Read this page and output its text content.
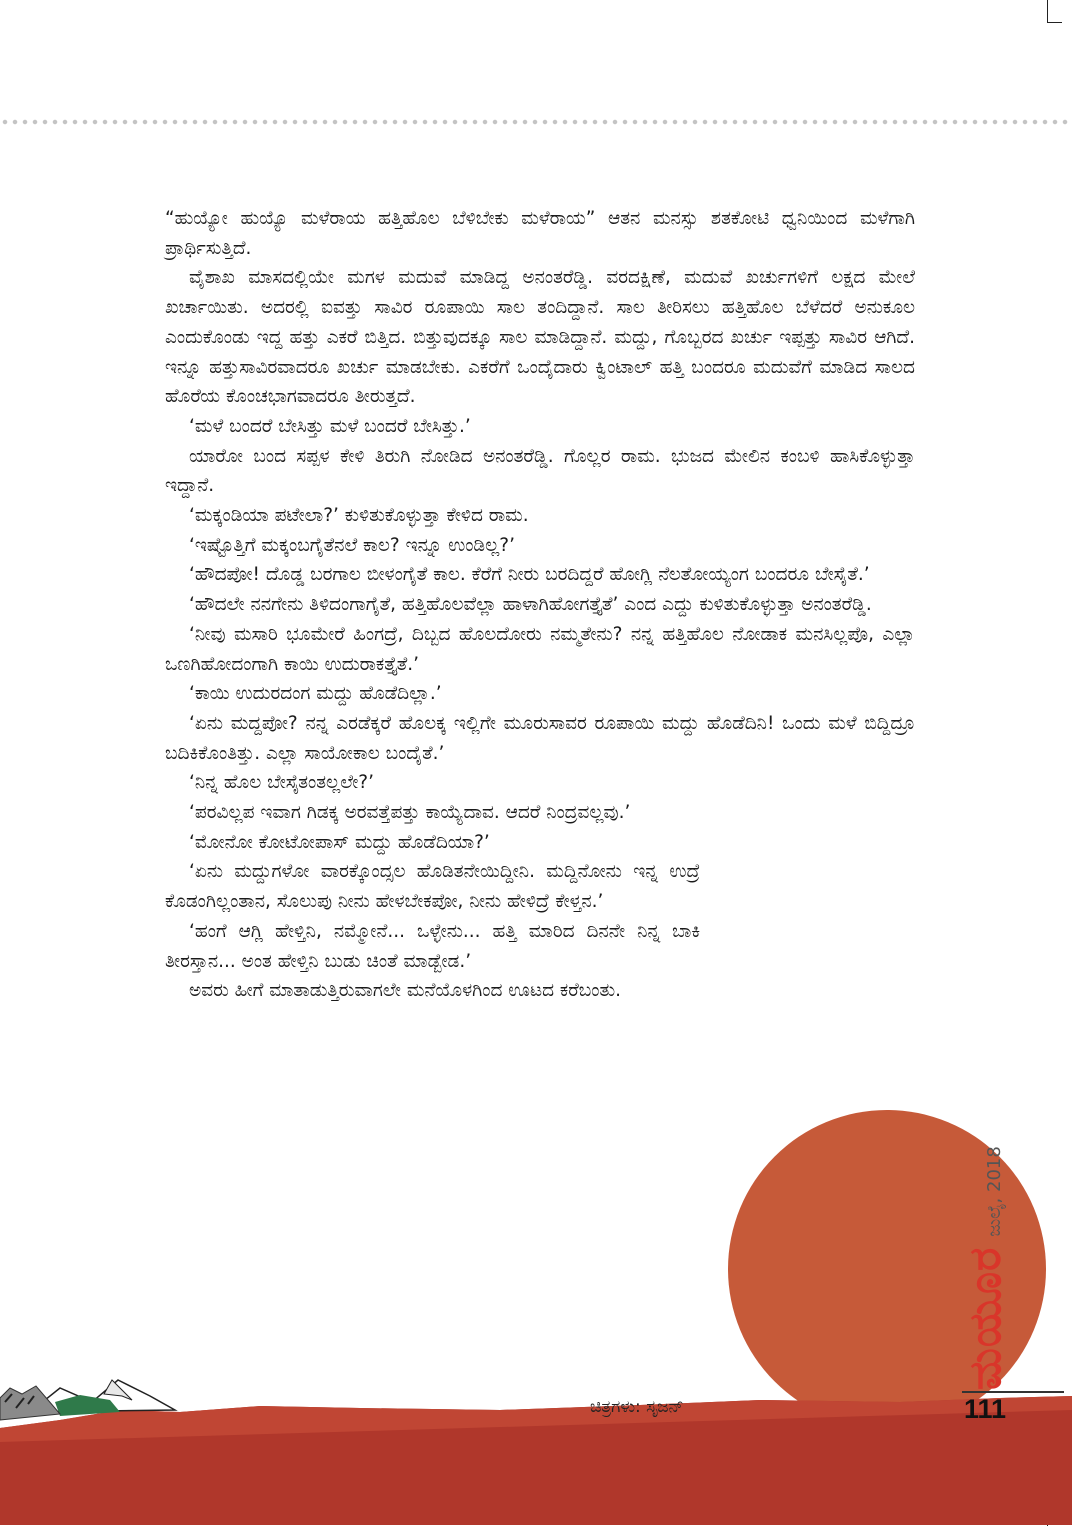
“ಹುಯ್ಯೋ ಹುಯ್ಯೊ ಮಳೆರಾಯ ಹತ್ತಿಹೊಲ ಬೆಳಿಬೇಕು ಮಳೆರಾಯ” ಆತನ ಮನಸ್ಸು ಶತಕೋಟಿ ಧ್ವನಿಯಿಂದ ಮಳೆಗಾಗಿ ಪ್ರಾರ್ಥಿಸುತ್ತಿದೆ.

ವೈಶಾಖ ಮಾಸದಲ್ಲಿಯೇ ಮಗಳ ಮದುವೆ ಮಾಡಿದ್ದ ಅನಂತರೆಡ್ಡಿ. ವರದಕ್ಷಿಣೆ, ಮದುವೆ ಖರ್ಚುಗಳಿಗೆ ಲಕ್ಷದ ಮೇಲೆ ಖರ್ಚಾಯಿತು. ಅದರಲ್ಲಿ ಐವತ್ತು ಸಾವಿರ ರೂಪಾಯಿ ಸಾಲ ತಂದಿದ್ದಾನೆ. ಸಾಲ ತೀರಿಸಲು ಹತ್ತಿಹೊಲ ಬೆಳೆದರೆ ಅನುಕೂಲ ಎಂದುಕೊಂಡು ಇದ್ದ ಹತ್ತು ಎಕರೆ ಬಿತ್ತಿದ. ಬಿತ್ತುವುದಕ್ಕೂ ಸಾಲ ಮಾಡಿದ್ದಾನೆ. ಮದ್ದು, ಗೊಬ್ಬರದ ಖರ್ಚು ಇಪ್ಪತ್ತು ಸಾವಿರ ಆಗಿದೆ. ಇನ್ನೂ ಹತ್ತುಸಾವಿರವಾದರೂ ಖರ್ಚು ಮಾಡಬೇಕು. ಎಕರೆಗೆ ಒಂದೈದಾರು ಕ್ವಿಂಟಾಲ್ ಹತ್ತಿ ಬಂದರೂ ಮದುವೆಗೆ ಮಾಡಿದ ಸಾಲದ ಹೊರೆಯ ಕೊಂಚಭಾಗವಾದರೂ ತೀರುತ್ತದೆ.

‘ಮಳೆ ಬಂದರೆ ಬೇಸಿತ್ತು ಮಳೆ ಬಂದರೆ ಬೇಸಿತ್ತು.’

ಯಾರೋ ಬಂದ ಸಪ್ಪಳ ಕೇಳಿ ತಿರುಗಿ ನೋಡಿದ ಅನಂತರೆಡ್ಡಿ. ಗೊಲ್ಲರ ರಾಮ. ಭುಜದ ಮೇಲಿನ ಕಂಬಳಿ ಹಾಸಿಕೊಳ್ಳುತ್ತಾ ಇದ್ದಾನೆ.

‘ಮಕ್ಕಂಡಿಯಾ ಪಟೇಲಾ?’ ಕುಳಿತುಕೊಳ್ಳುತ್ತಾ ಕೇಳಿದ ರಾಮ.

‘ಇಷ್ಟೊತ್ತಿಗೆ ಮಕ್ಕಂಬಗೈತೆನಲೆ ಕಾಲ? ಇನ್ನೂ ಉಂಡಿಲ್ಲ?’

‘ಹೌದಪೋ! ದೊಡ್ಡ ಬರಗಾಲ ಬೀಳಂಗೈತೆ ಕಾಲ. ಕೆರೆಗೆ ನೀರು ಬರದಿದ್ದರೆ ಹೋಗ್ಲಿ ನೆಲತೋಯ್ಯಂಗ ಬಂದರೂ ಬೇಸೈತೆ.’

‘ಹೌದಲೇ ನನಗೇನು ತಿಳಿದಂಗಾಗೈತೆ, ಹತ್ತಿಹೊಲವೆಲ್ಲಾ ಹಾಳಾಗಿಹೋಗತ್ತೈತೆ’ ಎಂದ ಎದ್ದು ಕುಳಿತುಕೊಳ್ಳುತ್ತಾ ಅನಂತರೆಡ್ಡಿ.

‘ನೀವು ಮಸಾರಿ ಭೂಮೇರೆ ಹಿಂಗದ್ರೆ, ದಿಬ್ಬದ ಹೊಲದೋರು ನಮ್ಮತೇನು? ನನ್ನ ಹತ್ತಿಹೊಲ ನೋಡಾಕ ಮನಸಿಲ್ಲಪೊ, ಎಲ್ಲಾ ಒಣಗಿಹೋದಂಗಾಗಿ ಕಾಯಿ ಉದುರಾಕತ್ತೈತೆ.’

‘ಕಾಯಿ ಉದುರದಂಗ ಮದ್ದು ಹೊಡೆದಿಲ್ಲಾ.’

‘ಏನು ಮದ್ದಪೋ? ನನ್ನ ಎರಡೆಕ್ಕರೆ ಹೊಲಕ್ಕ ಇಲ್ಲಿಗೇ ಮೂರುಸಾವರ ರೂಪಾಯಿ ಮದ್ದು ಹೊಡೆದಿನಿ! ಒಂದು ಮಳೆ ಬಿದ್ದಿದ್ರೂ ಬದಿಕಿಕೊಂತಿತ್ತು. ಎಲ್ಲಾ ಸಾಯೋಕಾಲ ಬಂದೈತೆ.’

‘ನಿನ್ನ ಹೊಲ ಬೇಸೈತಂತಲ್ಲಲೇ?’

‘ಪರವಿಲ್ಲಪ ಇವಾಗ ಗಿಡಕ್ಕ ಅರವತ್ತೆಪತ್ತು ಕಾಯ್ಯೆದಾವ. ಆದರೆ ನಿಂದ್ರವಲ್ಲವು.’

‘ಮೋನೋ ಕೋಟೋಪಾಸ್ ಮದ್ದು ಹೊಡೆದಿಯಾ?’

‘ಏನು ಮದ್ದುಗಳೋ ವಾರಕ್ಕೊಂದ್ಸಲ ಹೊಡಿತನೇಯಿದ್ದೀನಿ. ಮದ್ದಿನೋನು ಇನ್ನ ಉದ್ರೆ ಕೊಡಂಗಿಲ್ಲಂತಾನ, ಸೊಲುಪು ನೀನು ಹೇಳಬೇಕಪೋ, ನೀನು ಹೇಳಿದ್ರೆ ಕೇಳ್ತನ.’

‘ಹಂಗೆ ಆಗ್ಲಿ ಹೇಳ್ತಿನಿ, ನಮ್ಮೋನೆ... ಒಳ್ಳೇನು... ಹತ್ತಿ ಮಾರಿದ ದಿನನೇ ನಿನ್ನ ಬಾಕಿ ತೀರಸ್ತಾನ... ಅಂತ ಹೇಳ್ತಿನಿ ಬುಡು ಚಿಂತೆ ಮಾಡ್ಬೇಡ.’

ಅವರು ಹೀಗೆ ಮಾತಾಡುತ್ತಿರುವಾಗಲೇ ಮನೆಯೊಳಗಿಂದ ಊಟದ ಕರೆಬಂತು.

ಮಯೂರ
ಜುಲೈ, 2018
111
ಚಿತ್ರಗಳು: ಸೃಜನ್
